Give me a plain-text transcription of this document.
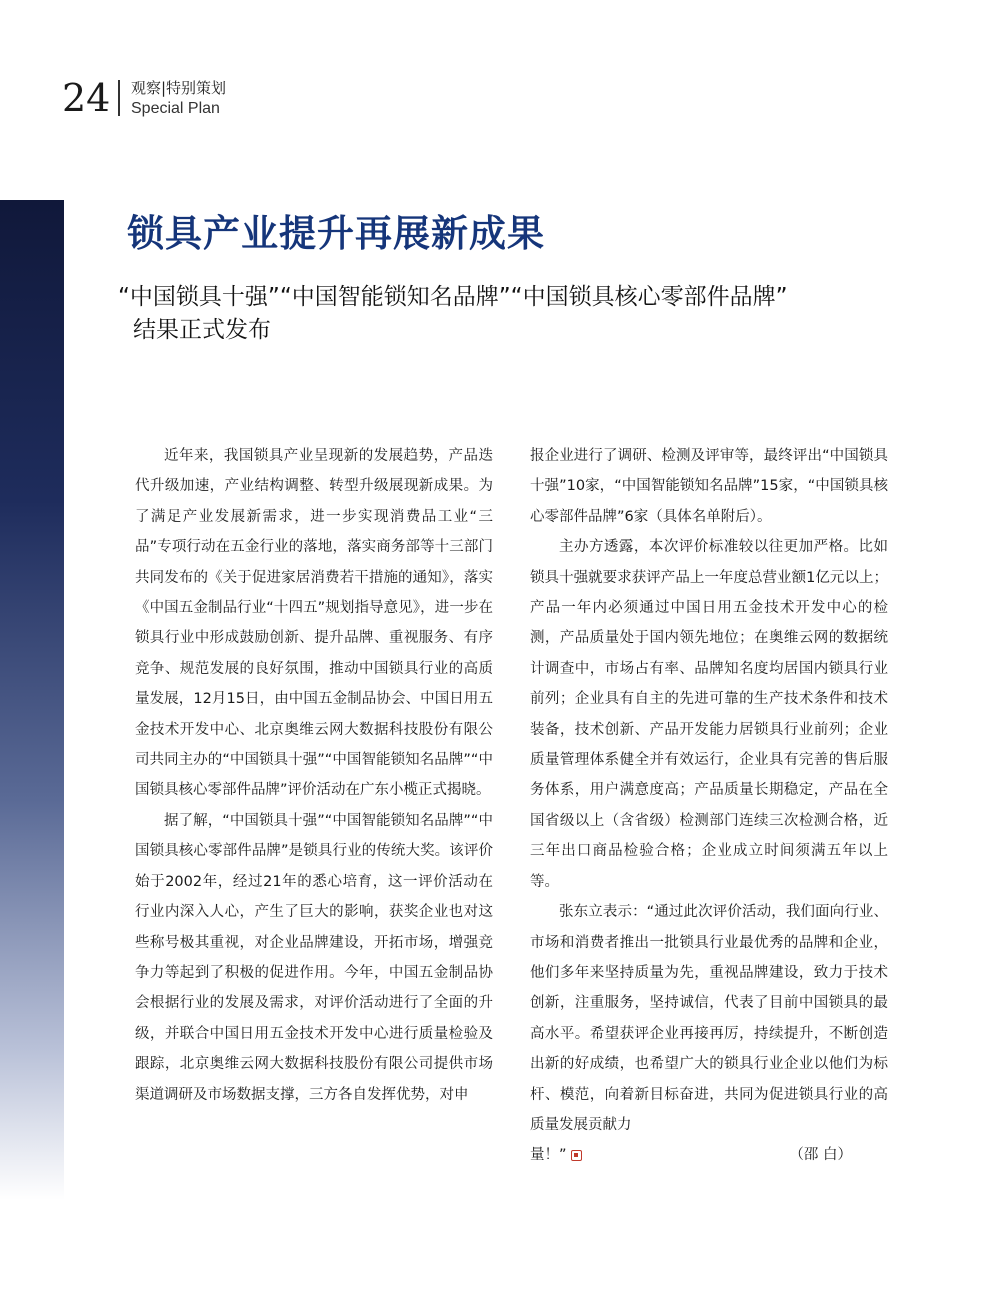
24 观察|特别策划
Special Plan
锁具产业提升再展新成果
“中国锁具十强”“中国智能锁知名品牌”“中国锁具核心零部件品牌”
结果正式发布

近年来，我国锁具产业呈现新的发展趋势，产品迭代升级加速，产业结构调整、转型升级展现新成果。为了满足产业发展新需求，进一步实现消费品工业“三品”专项行动在五金行业的落地，落实商务部等十三部门共同发布的《关于促进家居消费若干措施的通知》，落实《中国五金制品行业“十四五”规划指导意见》，进一步在锁具行业中形成鼓励创新、提升品牌、重视服务、有序竞争、规范发展的良好氛围，推动中国锁具行业的高质量发展，12月15日，由中国五金制品协会、中国日用五金技术开发中心、北京奥维云网大数据科技股份有限公司共同主办的“中国锁具十强”“中国智能锁知名品牌”“中国锁具核心零部件品牌”评价活动在广东小榄正式揭晓。

据了解，“中国锁具十强”“中国智能锁知名品牌”“中国锁具核心零部件品牌”是锁具行业的传统大奖。该评价始于2002年，经过21年的悉心培育，这一评价活动在行业内深入人心，产生了巨大的影响，获奖企业也对这些称号极其重视，对企业品牌建设，开拓市场，增强竞争力等起到了积极的促进作用。今年，中国五金制品协会根据行业的发展及需求，对评价活动进行了全面的升级，并联合中国日用五金技术开发中心进行质量检验及跟踪，北京奥维云网大数据科技股份有限公司提供市场渠道调研及市场数据支撑，三方各自发挥优势，对申

报企业进行了调研、检测及评审等，最终评出“中国锁具十强”10家，“中国智能锁知名品牌”15家，“中国锁具核心零部件品牌”6家（具体名单附后）。

主办方透露，本次评价标准较以往更加严格。比如锁具十强就要求获评产品上一年度总营业额1亿元以上；产品一年内必须通过中国日用五金技术开发中心的检测，产品质量处于国内领先地位；在奥维云网的数据统计调查中，市场占有率、品牌知名度均居国内锁具行业前列；企业具有自主的先进可靠的生产技术条件和技术装备，技术创新、产品开发能力居锁具行业前列；企业质量管理体系健全并有效运行，企业具有完善的售后服务体系，用户满意度高；产品质量长期稳定，产品在全国省级以上（含省级）检测部门连续三次检测合格，近三年出口商品检验合格；企业成立时间须满五年以上等。

张东立表示：“通过此次评价活动，我们面向行业、市场和消费者推出一批锁具行业最优秀的品牌和企业，他们多年来坚持质量为先，重视品牌建设，致力于技术创新，注重服务，坚持诚信，代表了目前中国锁具的最高水平。希望获评企业再接再厉，持续提升，不断创造出新的好成绩，也希望广大的锁具行业企业以他们为标杆、模范，向着新目标奋进，共同为促进锁具行业的高质量发展贡献力

量！”	（邵 白）
